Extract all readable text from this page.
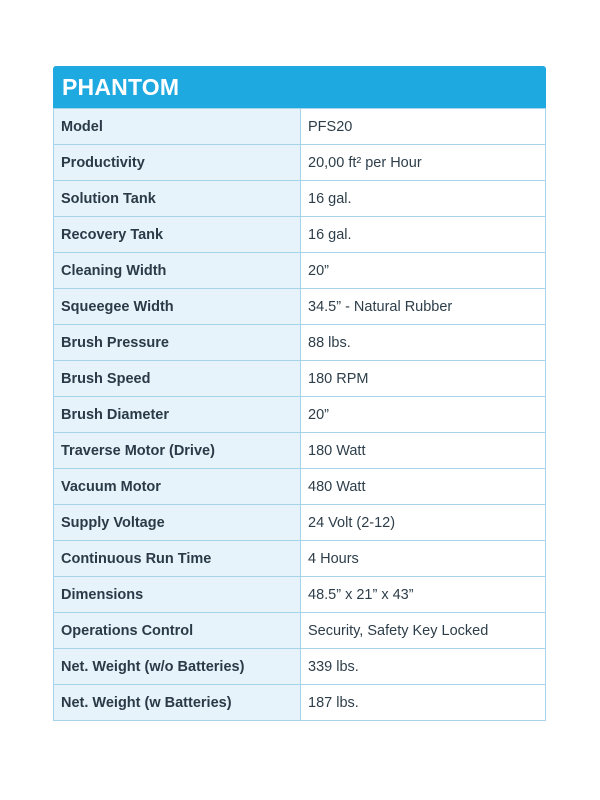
PHANTOM
Model	PFS20
Productivity	20,00 ft² per Hour
Solution Tank	16 gal.
Recovery Tank	16 gal.
Cleaning Width	20”
Squeegee Width	34.5” - Natural Rubber
Brush Pressure	88 lbs.
Brush Speed	180 RPM
Brush Diameter	20”
Traverse Motor (Drive)	180 Watt
Vacuum Motor	480 Watt
Supply Voltage	24 Volt (2-12)
Continuous Run Time	4 Hours
Dimensions	48.5” x 21” x 43”
Operations Control	Security, Safety Key Locked
Net. Weight (w/o Batteries)	339 lbs.
Net. Weight (w Batteries)	187 lbs.
